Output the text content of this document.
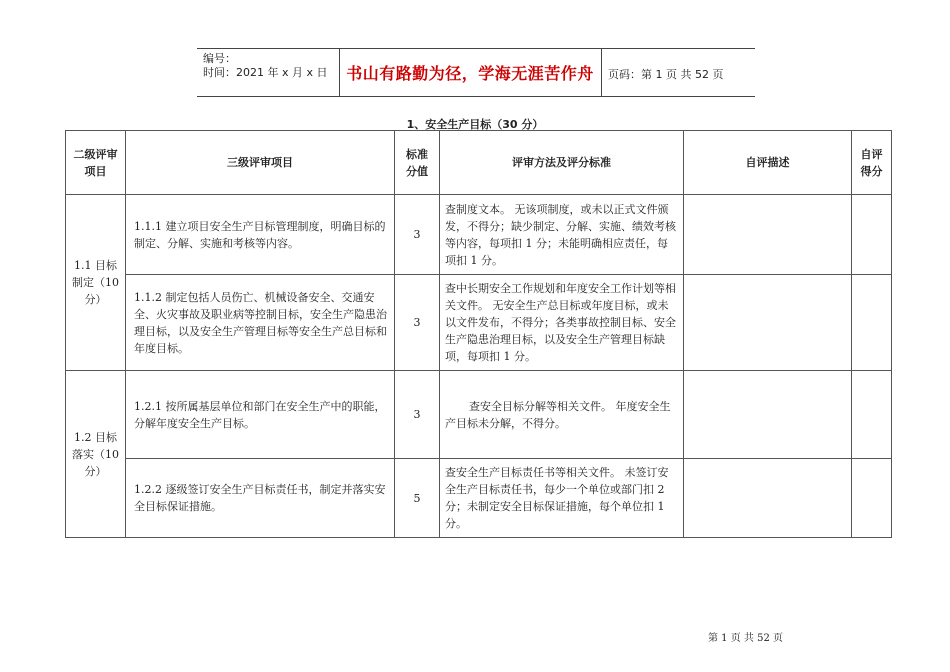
编号：
时间：2021 年 x 月 x 日	书山有路勤为径，学海无涯苦作舟	页码：第 1 页 共 52 页
1、安全生产目标（30 分）
二级评审项目	三级评审项目	标准分值	评审方法及评分标准	自评描述	自评得分
1.1 目标制定（10 分）	1.1.1 建立项目安全生产目标管理制度，明确目标的制定、分解、实施和考核等内容。	3	查制度文本。 无该项制度，或未以正式文件颁发，不得分；缺少制定、分解、实施、绩效考核等内容，每项扣 1 分；未能明确相应责任，每项扣 1 分。		
	1.1.2 制定包括人员伤亡、机械设备安全、交通安全、火灾事故及职业病等控制目标，安全生产隐患治理目标，以及安全生产管理目标等安全生产总目标和年度目标。	3	查中长期安全工作规划和年度安全工作计划等相关文件。 无安全生产总目标或年度目标，或未以文件发布，不得分；各类事故控制目标、安全生产隐患治理目标，以及安全生产管理目标缺项，每项扣 1 分。		
1.2 目标落实（10 分）	1.2.1 按所属基层单位和部门在安全生产中的职能，分解年度安全生产目标。	3	查安全目标分解等相关文件。 年度安全生产目标未分解，不得分。		
	1.2.2 逐级签订安全生产目标责任书，制定并落实安全目标保证措施。	5	查安全生产目标责任书等相关文件。 未签订安全生产目标责任书，每少一个单位或部门扣 2 分；未制定安全目标保证措施，每个单位扣 1 分。		
第 1 页 共 52 页
